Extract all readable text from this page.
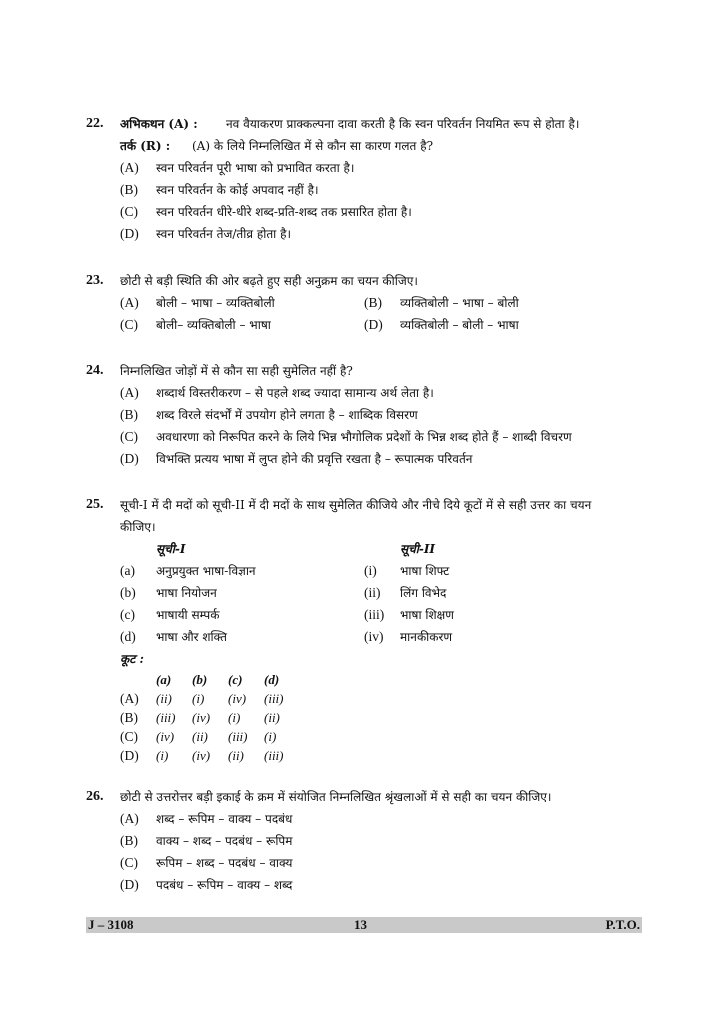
22. अभिकथन (A) :	नव वैयाकरण प्राक्कल्पना दावा करती है कि स्वन परिवर्तन नियमित रूप से होता है।
तर्क (R) :	(A) के लिये निम्नलिखित में से कौन सा कारण गलत है?
(A)	स्वन परिवर्तन पूरी भाषा को प्रभावित करता है।
(B)	स्वन परिवर्तन के कोई अपवाद नहीं है।
(C)	स्वन परिवर्तन धीरे-धीरे शब्द-प्रति-शब्द तक प्रसारित होता है।
(D)	स्वन परिवर्तन तेज/तीव्र होता है।
23. छोटी से बड़ी स्थिति की ओर बढ़ते हुए सही अनुक्रम का चयन कीजिए।
(A)	बोली – भाषा – व्यक्तिबोली	(B)	व्यक्तिबोली – भाषा – बोली
(C)	बोली– व्यक्तिबोली – भाषा	(D)	व्यक्तिबोली – बोली – भाषा
24. निम्नलिखित जोड़ों में से कौन सा सही सुमेलित नहीं है?
(A)	शब्दार्थ विस्तरीकरण – से पहले शब्द ज्यादा सामान्य अर्थ लेता है।
(B)	शब्द विरले संदर्भों में उपयोग होने लगता है – शाब्दिक विसरण
(C)	अवधारणा को निरूपित करने के लिये भिन्न भौगोलिक प्रदेशों के भिन्न शब्द होते हैं – शाब्दी विचरण
(D)	विभक्ति प्रत्यय भाषा में लुप्त होने की प्रवृत्ति रखता है – रूपात्मक परिवर्तन
25. सूची-I में दी मदों को सूची-II में दी मदों के साथ सुमेलित कीजिये और नीचे दिये कूटों में से सही उत्तर का चयन
कीजिए।
सूची-I	सूची-II
(a)	अनुप्रयुक्त भाषा-विज्ञान	(i)	भाषा शिफ्ट
(b)	भाषा नियोजन	(ii)	लिंग विभेद
(c)	भाषायी सम्पर्क	(iii)	भाषा शिक्षण
(d)	भाषा और शक्ति	(iv)	मानकीकरण
कूट :
(a)	(b)	(c)	(d)
(A)	(ii)	(i)	(iv)	(iii)
(B)	(iii)	(iv)	(i)	(ii)
(C)	(iv)	(ii)	(iii)	(i)
(D)	(i)	(iv)	(ii)	(iii)
26. छोटी से उत्तरोत्तर बड़ी इकाई के क्रम में संयोजित निम्नलिखित श्रृंखलाओं में से सही का चयन कीजिए।
(A)	शब्द – रूपिम – वाक्य – पदबंध
(B)	वाक्य – शब्द – पदबंध – रूपिम
(C)	रूपिम – शब्द – पदबंध – वाक्य
(D)	पदबंध – रूपिम – वाक्य – शब्द
J – 3108	13	P.T.O.
